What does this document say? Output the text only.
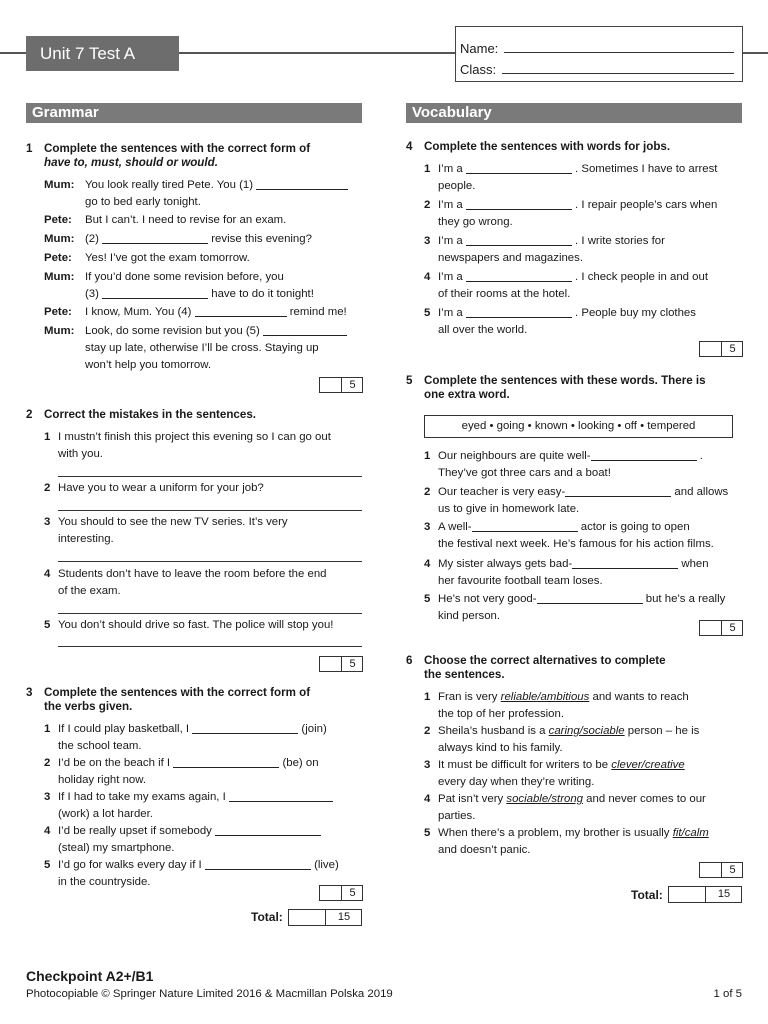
Unit 7 Test A	Name:
Class:
Grammar	Vocabulary
1 Complete the sentences with the correct form of
have to, must, should or would.
Mum: You look really tired Pete. You (1)
go to bed early tonight.
Pete: But I can’t. I need to revise for an exam.
Mum: (2)	revise this evening?
Pete: Yes! I’ve got the exam tomorrow.
Mum: If you’d done some revision before, you
(3)	have to do it tonight!
Pete: I know, Mum. You (4)	remind me!
Mum: Look, do some revision but you (5)
stay up late, otherwise I’ll be cross. Staying up
won’t help you tomorrow.
5
2 Correct the mistakes in the sentences.
1 I mustn’t finish this project this evening so I can go out
with you.
2 Have you to wear a uniform for your job?
3 You should to see the new TV series. It’s very
interesting.
4 Students don’t have to leave the room before the end
of the exam.
5 You don’t should drive so fast. The police will stop you!
5
3 Complete the sentences with the correct form of
the verbs given.
1 If I could play basketball, I	(join)
the school team.
2 I’d be on the beach if I	(be) on
holiday right now.
3 If I had to take my exams again, I
(work) a lot harder.
4 I’d be really upset if somebody
(steal) my smartphone.
5 I’d go for walks every day if I	(live)
in the countryside.
5
Total:	15
4 Complete the sentences with words for jobs.
1 I’m a	. Sometimes I have to arrest
people.
2 I’m a	. I repair people’s cars when
they go wrong.
3 I’m a	. I write stories for
newspapers and magazines.
4 I’m a	. I check people in and out
of their rooms at the hotel.
5 I’m a	. People buy my clothes
all over the world.
5
5 Complete the sentences with these words. There is
one extra word.
eyed • going • known • looking • off • tempered
1 Our neighbours are quite well-	.
They’ve got three cars and a boat!
2 Our teacher is very easy-	and allows
us to give in homework late.
3 A well-	actor is going to open
the festival next week. He’s famous for his action films.
4 My sister always gets bad-	when
her favourite football team loses.
5 He’s not very good-	but he’s a really
kind person.
5
6 Choose the correct alternatives to complete
the sentences.
1 Fran is very reliable/ambitious and wants to reach
the top of her profession.
2 Sheila’s husband is a caring/sociable person – he is
always kind to his family.
3 It must be difficult for writers to be clever/creative
every day when they’re writing.
4 Pat isn’t very sociable/strong and never comes to our
parties.
5 When there’s a problem, my brother is usually fit/calm
and doesn’t panic.
5
Total:	15
Checkpoint A2+/B1
Photocopiable © Springer Nature Limited 2016 & Macmillan Polska 2019	1 of 5
